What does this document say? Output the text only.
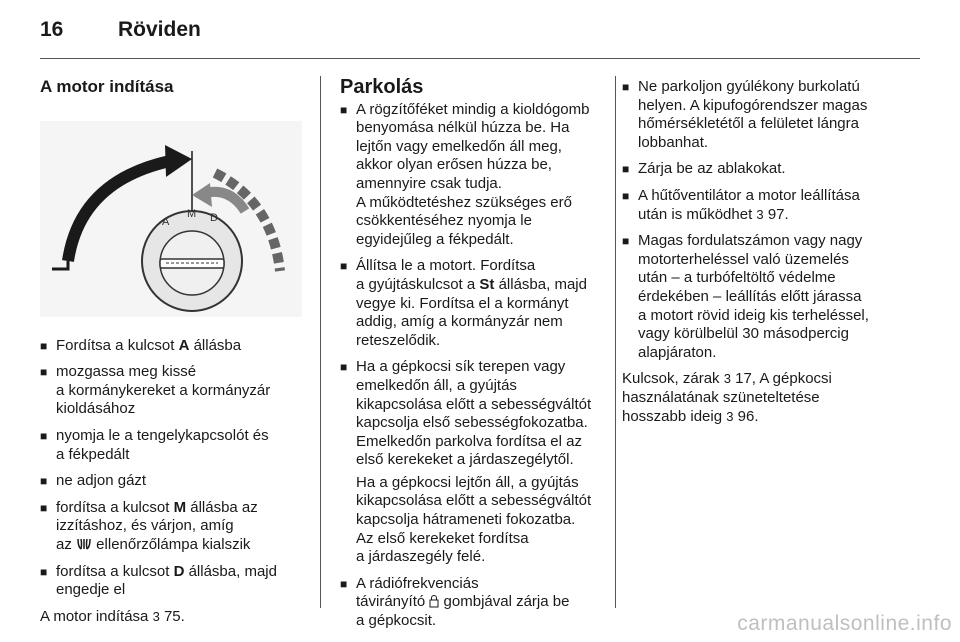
16	Röviden
A motor indítása
A
M D
■ Fordítsa a kulcsot A állásba
■ mozgassa meg kissé
a kormánykereket a kormányzár
kioldásához
■ nyomja le a tengelykapcsolót és
a fékpedált
■ ne adjon gázt
■ fordítsa a kulcsot M állásba az
izzításhoz, és várjon, amíg
az  ellenőrzőlámpa kialszik
■ fordítsa a kulcsot D állásba, majd
engedje el
A motor indítása 3 75.
Parkolás
■ A rögzítőféket mindig a kioldógomb
benyomása nélkül húzza be. Ha
lejtőn vagy emelkedőn áll meg,
akkor olyan erősen húzza be,
amennyire csak tudja.
A működtetéshez szükséges erő
csökkentéséhez nyomja le
egyidejűleg a fékpedált.
■ Állítsa le a motort. Fordítsa
a gyújtáskulcsot a St állásba, majd
vegye ki. Fordítsa el a kormányt
addig, amíg a kormányzár nem
reteszelődik.
■ Ha a gépkocsi sík terepen vagy
emelkedőn áll, a gyújtás
kikapcsolása előtt a sebességváltót
kapcsolja első sebességfokozatba.
Emelkedőn parkolva fordítsa el az
első kerekeket a járdaszegélytől.
Ha a gépkocsi lejtőn áll, a gyújtás
kikapcsolása előtt a sebességváltót
kapcsolja hátrameneti fokozatba.
Az első kerekeket fordítsa
a járdaszegély felé.
■ A rádiófrekvenciás
távirányító  gombjával zárja be
a gépkocsit.
■ Ne parkoljon gyúlékony burkolatú
helyen. A kipufogórendszer magas
hőmérsékletétől a felületet lángra
lobbanhat.
■ Zárja be az ablakokat.
■ A hűtőventilátor a motor leállítása
után is működhet 3 97.
■ Magas fordulatszámon vagy nagy
motorterheléssel való üzemelés
után – a turbófeltöltő védelme
érdekében – leállítás előtt járassa
a motort rövid ideig kis terheléssel,
vagy körülbelül 30 másodpercig
alapjáraton.
Kulcsok, zárak 3 17, A gépkocsi
használatának szüneteltetése
hosszabb ideig 3 96.
carmanualsonline.info
